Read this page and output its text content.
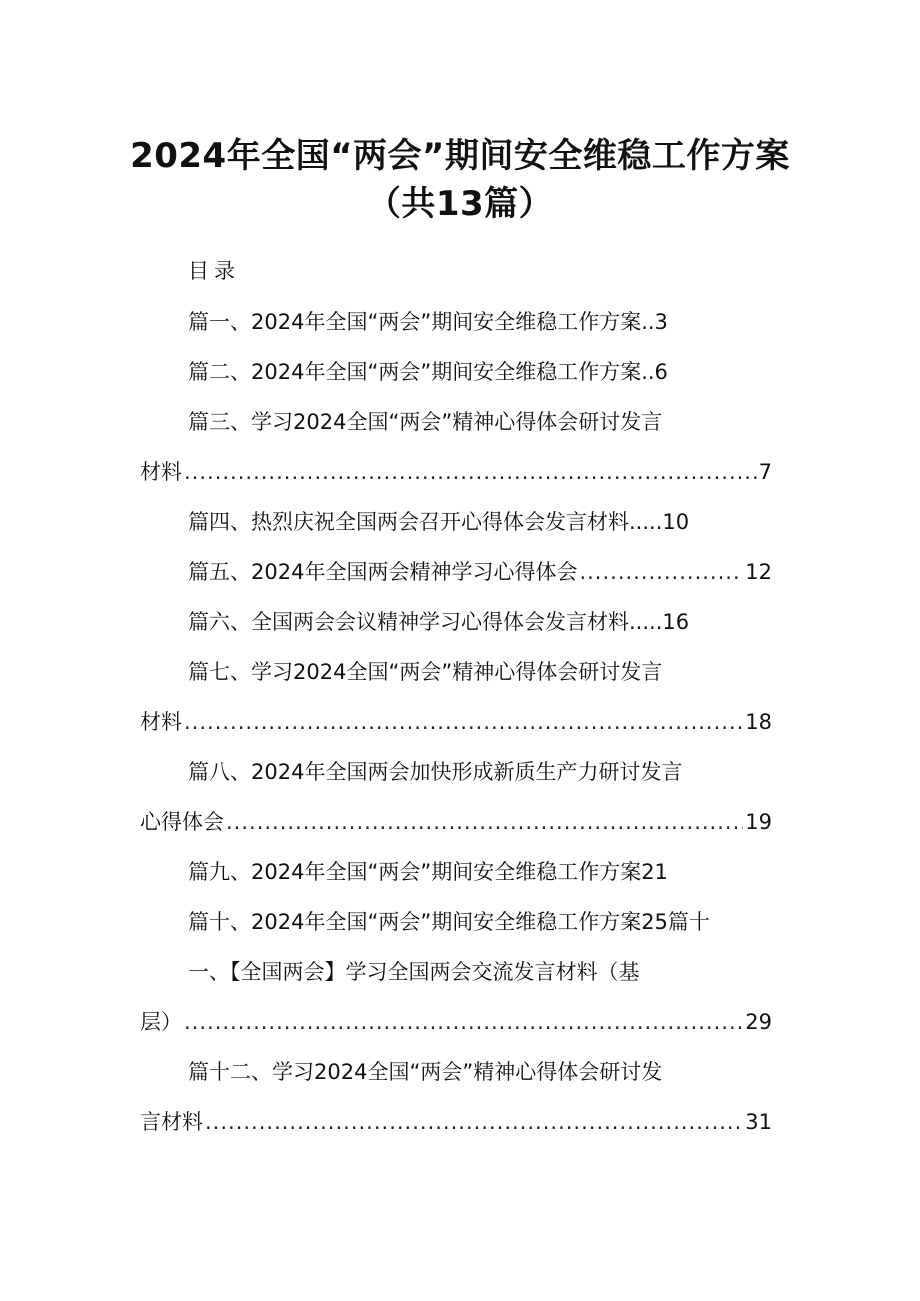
2024年全国“两会”期间安全维稳工作方案
（共13篇）
目录
篇一、2024年全国“两会”期间安全维稳工作方案..3
篇二、2024年全国“两会”期间安全维稳工作方案..6
篇三、学习2024全国“两会”精神心得体会研讨发言
材料 .....	7
篇四、热烈庆祝全国两会召开心得体会发言材料.....10
篇五、2024年全国两会精神学习心得体会 .....	12
篇六、全国两会会议精神学习心得体会发言材料.....16
篇七、学习2024全国“两会”精神心得体会研讨发言
材料 .....	18
篇八、2024年全国两会加快形成新质生产力研讨发言
心得体会 .....	19
篇九、2024年全国“两会”期间安全维稳工作方案21
篇十、2024年全国“两会”期间安全维稳工作方案25篇十
一、【全国两会】学习全国两会交流发言材料（基
层） .....	29
篇十二、学习2024全国“两会”精神心得体会研讨发
言材料 .....	31
